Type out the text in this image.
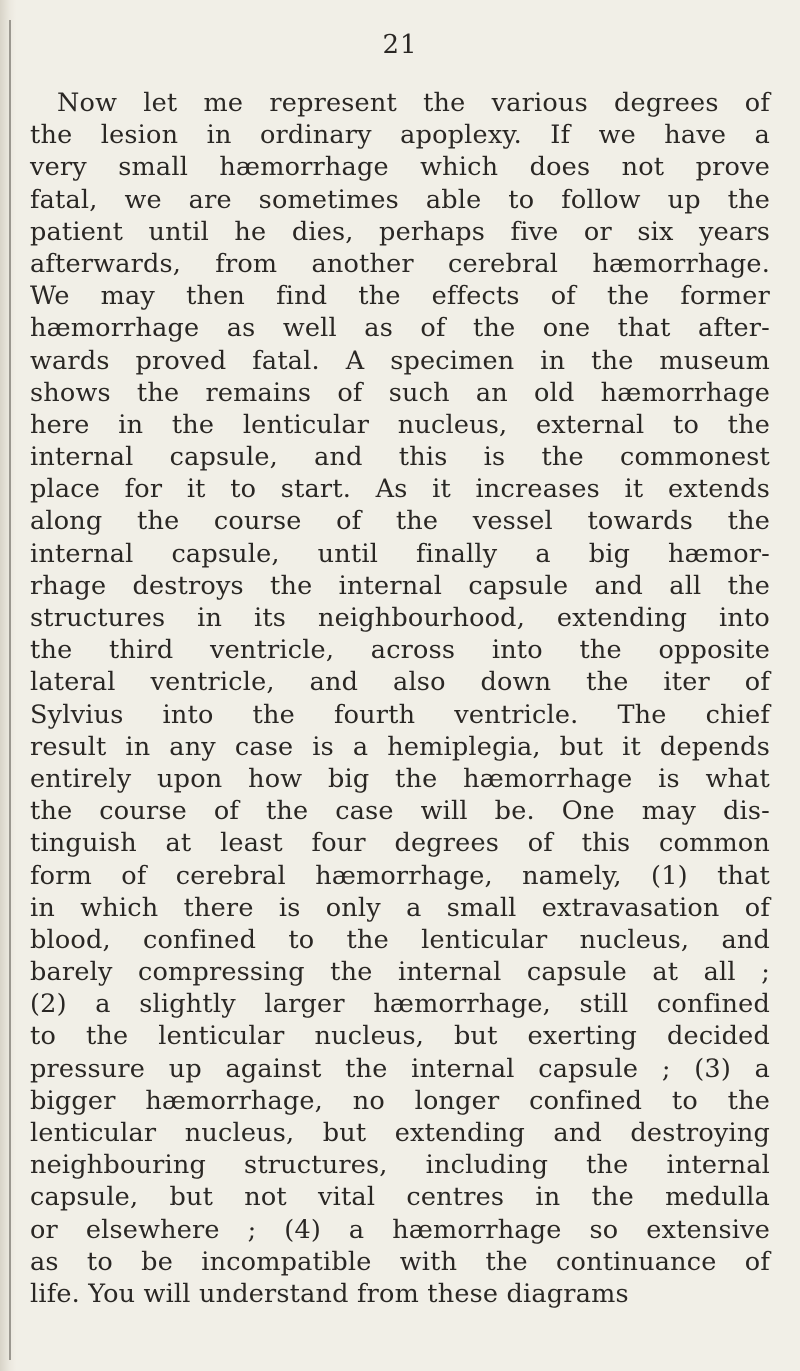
21
Now let me represent the various degrees of
the lesion in ordinary apoplexy. If we have a
very small hæmorrhage which does not prove
fatal, we are sometimes able to follow up the
patient until he dies, perhaps five or six years
afterwards, from another cerebral hæmorrhage.
We may then find the effects of the former
hæmorrhage as well as of the one that after-
wards proved fatal. A specimen in the museum
shows the remains of such an old hæmorrhage
here in the lenticular nucleus, external to the
internal capsule, and this is the commonest
place for it to start. As it increases it extends
along the course of the vessel towards the
internal capsule, until finally a big hæmor-
rhage destroys the internal capsule and all the
structures in its neighbourhood, extending into
the third ventricle, across into the opposite
lateral ventricle, and also down the iter of
Sylvius into the fourth ventricle. The chief
result in any case is a hemiplegia, but it depends
entirely upon how big the hæmorrhage is what
the course of the case will be. One may dis-
tinguish at least four degrees of this common
form of cerebral hæmorrhage, namely, (1) that
in which there is only a small extravasation of
blood, confined to the lenticular nucleus, and
barely compressing the internal capsule at all ;
(2) a slightly larger hæmorrhage, still confined
to the lenticular nucleus, but exerting decided
pressure up against the internal capsule ; (3) a
bigger hæmorrhage, no longer confined to the
lenticular nucleus, but extending and destroying
neighbouring structures, including the internal
capsule, but not vital centres in the medulla
or elsewhere ; (4) a hæmorrhage so extensive
as to be incompatible with the continuance of
life. You will understand from these diagrams
